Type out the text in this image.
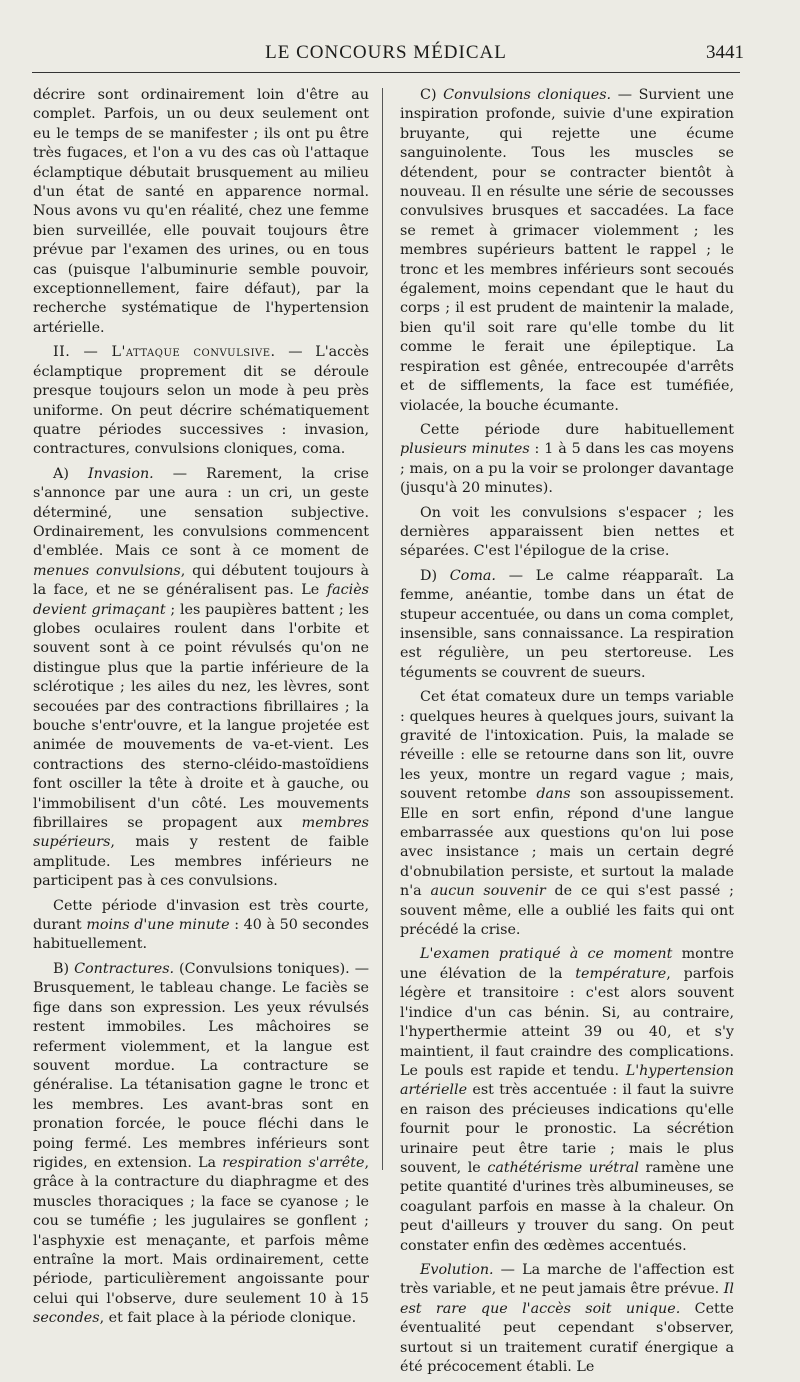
LE CONCOURS MÉDICAL	3441

décrire sont ordinairement loin d'être au complet. Parfois, un ou deux seulement ont eu le temps de se manifester ; ils ont pu être très fugaces, et l'on a vu des cas où l'attaque éclamptique débutait brusquement au milieu d'un état de santé en apparence normal. Nous avons vu qu'en réalité, chez une femme bien surveillée, elle pouvait toujours être prévue par l'examen des urines, ou en tous cas (puisque l'albuminurie semble pouvoir, exceptionnellement, faire défaut), par la recherche systématique de l'hypertension artérielle.

II. — L'attaque convulsive. — L'accès éclamptique proprement dit se déroule presque toujours selon un mode à peu près uniforme. On peut décrire schématiquement quatre périodes successives : invasion, contractures, convulsions cloniques, coma.

A) Invasion. — Rarement, la crise s'annonce par une aura : un cri, un geste déterminé, une sensation subjective. Ordinairement, les convulsions commencent d'emblée. Mais ce sont à ce moment de menues convulsions, qui débutent toujours à la face, et ne se généralisent pas. Le faciès devient grimaçant ; les paupières battent ; les globes oculaires roulent dans l'orbite et souvent sont à ce point révulsés qu'on ne distingue plus que la partie inférieure de la sclérotique ; les ailes du nez, les lèvres, sont secouées par des contractions fibrillaires ; la bouche s'entr'ouvre, et la langue projetée est animée de mouvements de va-et-vient. Les contractions des sterno-cléido-mastoïdiens font osciller la tête à droite et à gauche, ou l'immobilisent d'un côté. Les mouvements fibrillaires se propagent aux membres supérieurs, mais y restent de faible amplitude. Les membres inférieurs ne participent pas à ces convulsions.

Cette période d'invasion est très courte, durant moins d'une minute : 40 à 50 secondes habituellement.

B) Contractures. (Convulsions toniques). — Brusquement, le tableau change. Le faciès se fige dans son expression. Les yeux révulsés restent immobiles. Les mâchoires se referment violemment, et la langue est souvent mordue. La contracture se généralise. La tétanisation gagne le tronc et les membres. Les avant-bras sont en pronation forcée, le pouce fléchi dans le poing fermé. Les membres inférieurs sont rigides, en extension. La respiration s'arrête, grâce à la contracture du diaphragme et des muscles thoraciques ; la face se cyanose ; le cou se tuméfie ; les jugulaires se gonflent ; l'asphyxie est menaçante, et parfois même entraîne la mort. Mais ordinairement, cette période, particulièrement angoissante pour celui qui l'observe, dure seulement 10 à 15 secondes, et fait place à la période clonique.

C) Convulsions cloniques. — Survient une inspiration profonde, suivie d'une expiration bruyante, qui rejette une écume sanguinolente. Tous les muscles se détendent, pour se contracter bientôt à nouveau. Il en résulte une série de secousses convulsives brusques et saccadées. La face se remet à grimacer violemment ; les membres supérieurs battent le rappel ; le tronc et les membres inférieurs sont secoués également, moins cependant que le haut du corps ; il est prudent de maintenir la malade, bien qu'il soit rare qu'elle tombe du lit comme le ferait une épileptique. La respiration est gênée, entrecoupée d'arrêts et de sifflements, la face est tuméfiée, violacée, la bouche écumante.

Cette période dure habituellement plusieurs minutes : 1 à 5 dans les cas moyens ; mais, on a pu la voir se prolonger davantage (jusqu'à 20 minutes).

On voit les convulsions s'espacer ; les dernières apparaissent bien nettes et séparées. C'est l'épilogue de la crise.

D) Coma. — Le calme réapparaît. La femme, anéantie, tombe dans un état de stupeur accentuée, ou dans un coma complet, insensible, sans connaissance. La respiration est régulière, un peu stertoreuse. Les téguments se couvrent de sueurs.

Cet état comateux dure un temps variable : quelques heures à quelques jours, suivant la gravité de l'intoxication. Puis, la malade se réveille : elle se retourne dans son lit, ouvre les yeux, montre un regard vague ; mais, souvent retombe dans son assoupissement. Elle en sort enfin, répond d'une langue embarrassée aux questions qu'on lui pose avec insistance ; mais un certain degré d'obnubilation persiste, et surtout la malade n'a aucun souvenir de ce qui s'est passé ; souvent même, elle a oublié les faits qui ont précédé la crise.

L'examen pratiqué à ce moment montre une élévation de la température, parfois légère et transitoire : c'est alors souvent l'indice d'un cas bénin. Si, au contraire, l'hyperthermie atteint 39 ou 40, et s'y maintient, il faut craindre des complications. Le pouls est rapide et tendu. L'hypertension artérielle est très accentuée : il faut la suivre en raison des précieuses indications qu'elle fournit pour le pronostic. La sécrétion urinaire peut être tarie ; mais le plus souvent, le cathétérisme urétral ramène une petite quantité d'urines très albumineuses, se coagulant parfois en masse à la chaleur. On peut d'ailleurs y trouver du sang. On peut constater enfin des œdèmes accentués.

Evolution. — La marche de l'affection est très variable, et ne peut jamais être prévue. Il est rare que l'accès soit unique. Cette éventualité peut cependant s'observer, surtout si un traitement curatif énergique a été précocement établi. Le
